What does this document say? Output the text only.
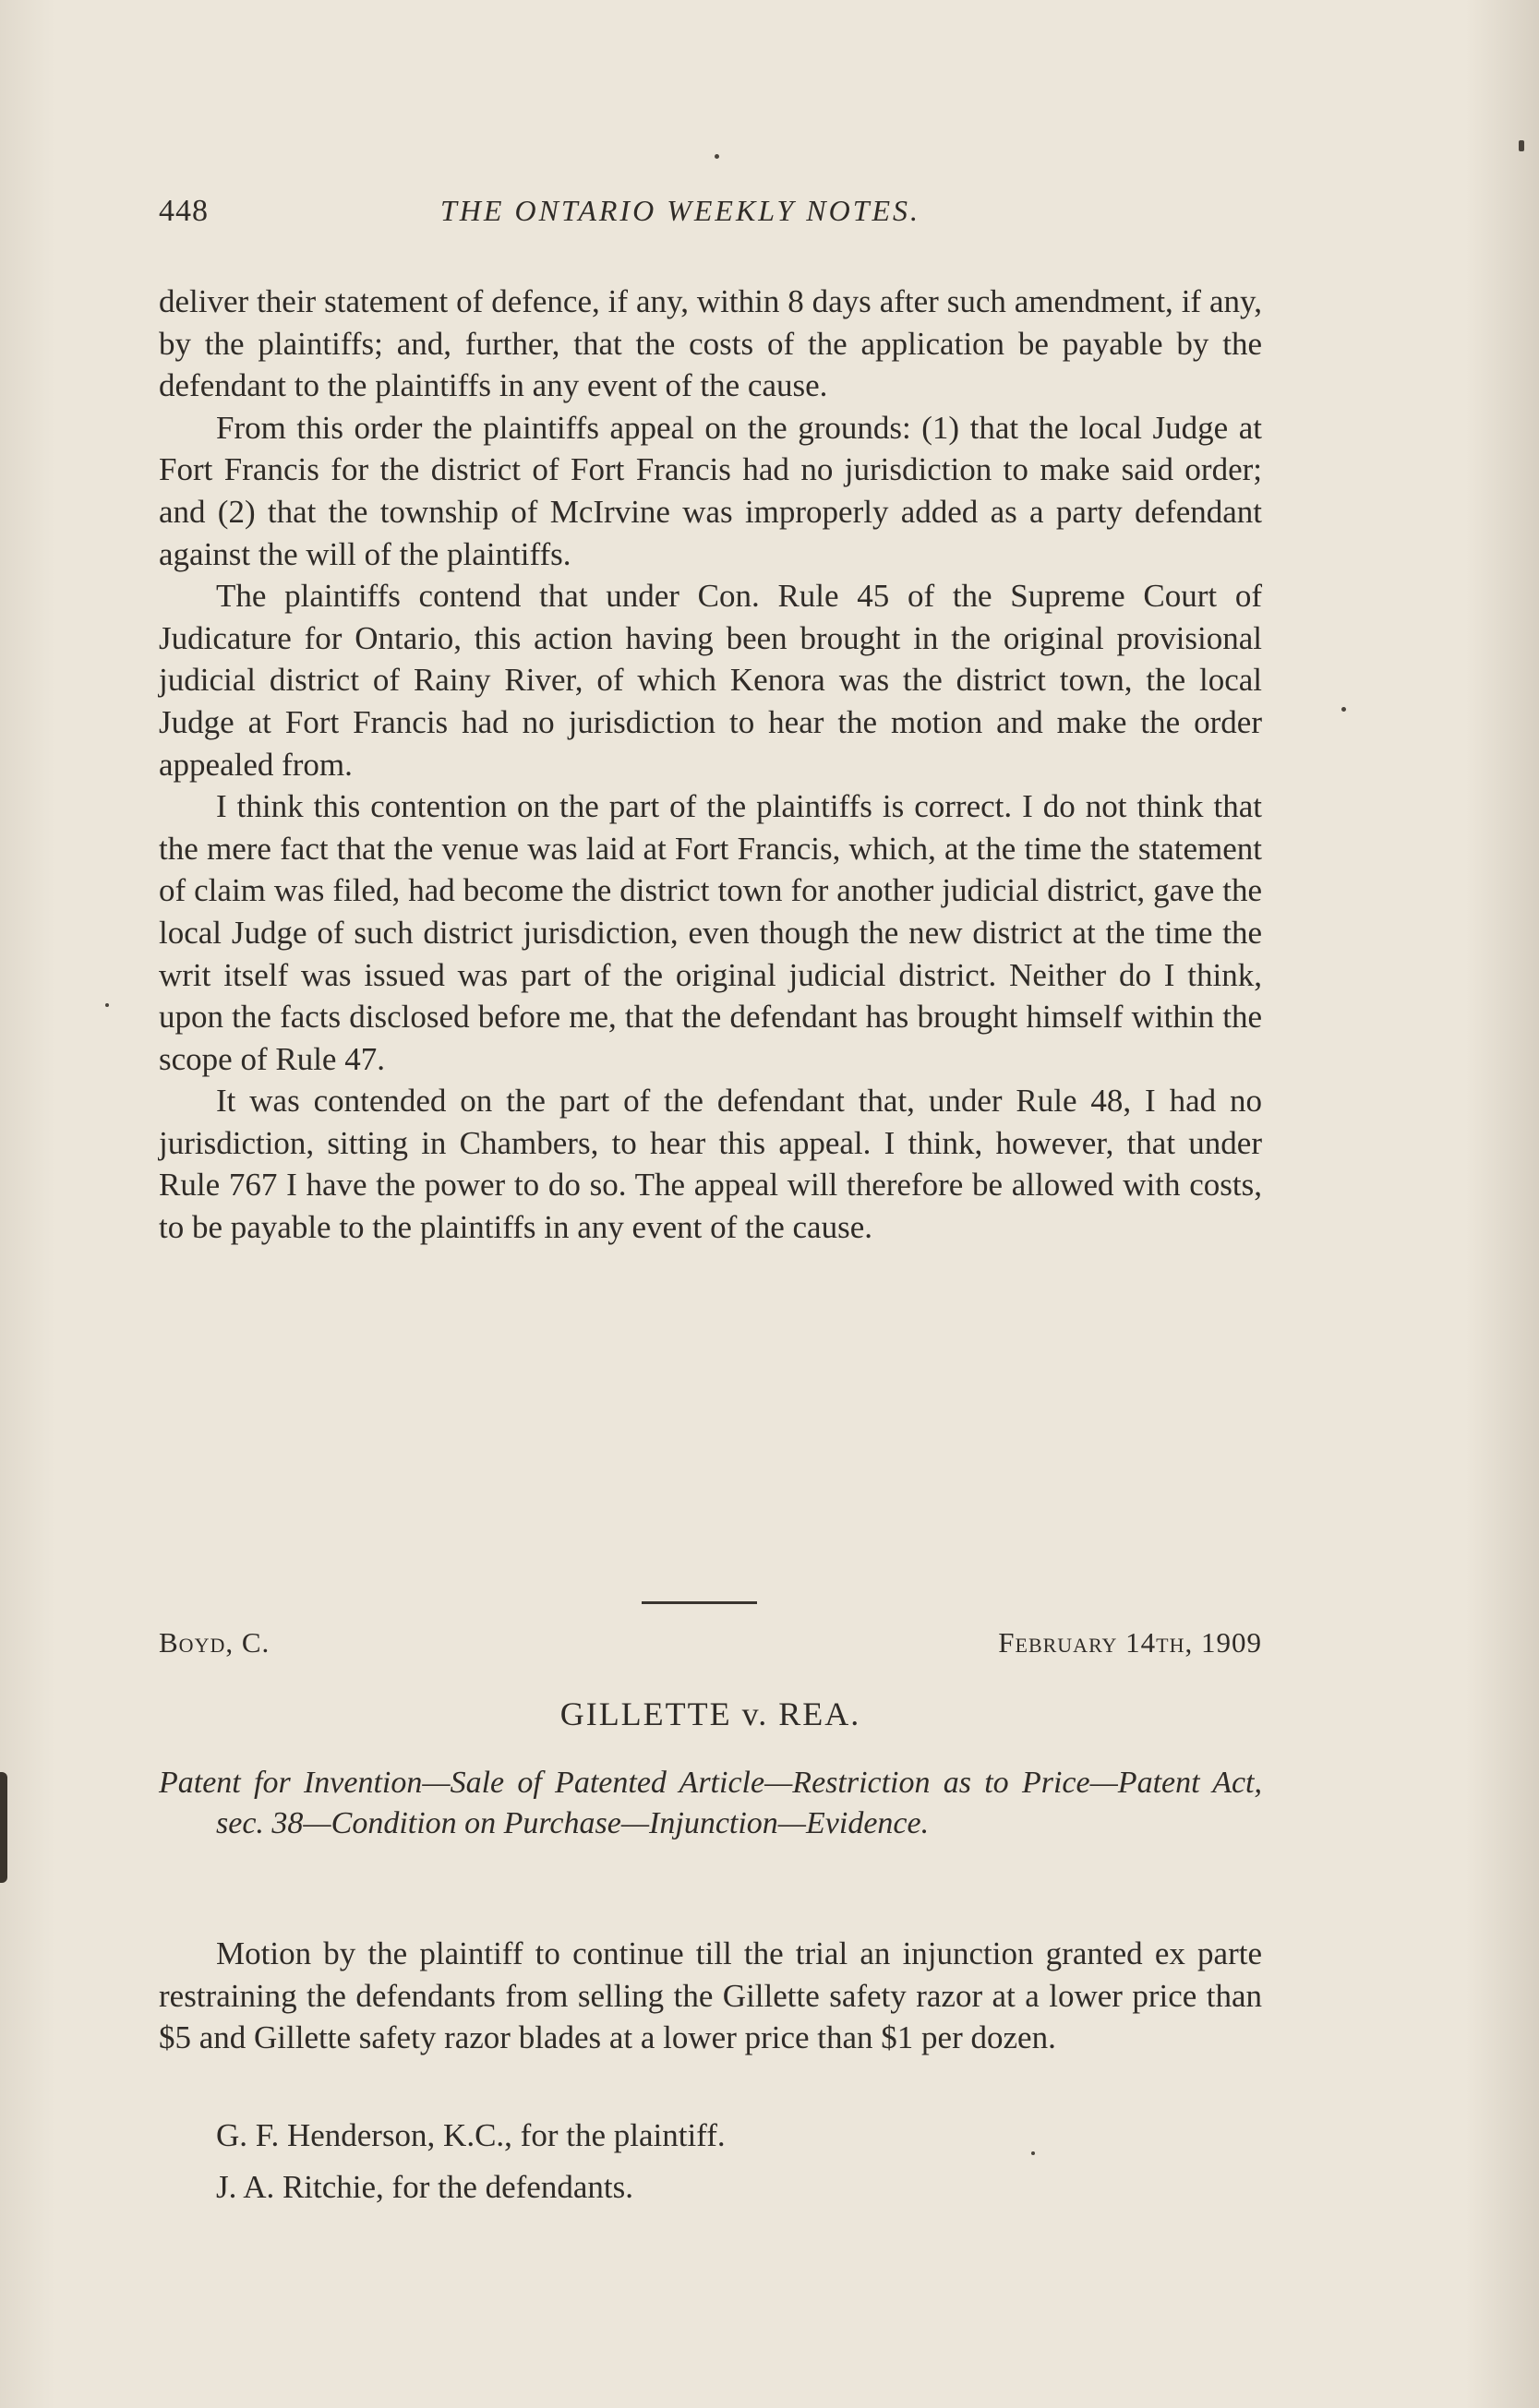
448	THE ONTARIO WEEKLY NOTES.

deliver their statement of defence, if any, within 8 days after such amendment, if any, by the plaintiffs; and, further, that the costs of the application be payable by the defendant to the plaintiffs in any event of the cause.

From this order the plaintiffs appeal on the grounds: (1) that the local Judge at Fort Francis for the district of Fort Francis had no jurisdiction to make said order; and (2) that the township of McIrvine was improperly added as a party defendant against the will of the plaintiffs.

The plaintiffs contend that under Con. Rule 45 of the Supreme Court of Judicature for Ontario, this action having been brought in the original provisional judicial district of Rainy River, of which Kenora was the district town, the local Judge at Fort Francis had no jurisdiction to hear the motion and make the order appealed from.

I think this contention on the part of the plaintiffs is correct. I do not think that the mere fact that the venue was laid at Fort Francis, which, at the time the statement of claim was filed, had become the district town for another judicial district, gave the local Judge of such district jurisdiction, even though the new district at the time the writ itself was issued was part of the original judicial district. Neither do I think, upon the facts disclosed before me, that the defendant has brought himself within the scope of Rule 47.

It was contended on the part of the defendant that, under Rule 48, I had no jurisdiction, sitting in Chambers, to hear this appeal. I think, however, that under Rule 767 I have the power to do so. The appeal will therefore be allowed with costs, to be payable to the plaintiffs in any event of the cause.

Boyd, C.	February 14th, 1909
GILLETTE v. REA.
Patent for Invention—Sale of Patented Article—Restriction as to Price—Patent Act, sec. 38—Condition on Purchase—Injunction—Evidence.
Motion by the plaintiff to continue till the trial an injunction granted ex parte restraining the defendants from selling the Gillette safety razor at a lower price than $5 and Gillette safety razor blades at a lower price than $1 per dozen.
G. F. Henderson, K.C., for the plaintiff.
J. A. Ritchie, for the defendants.
